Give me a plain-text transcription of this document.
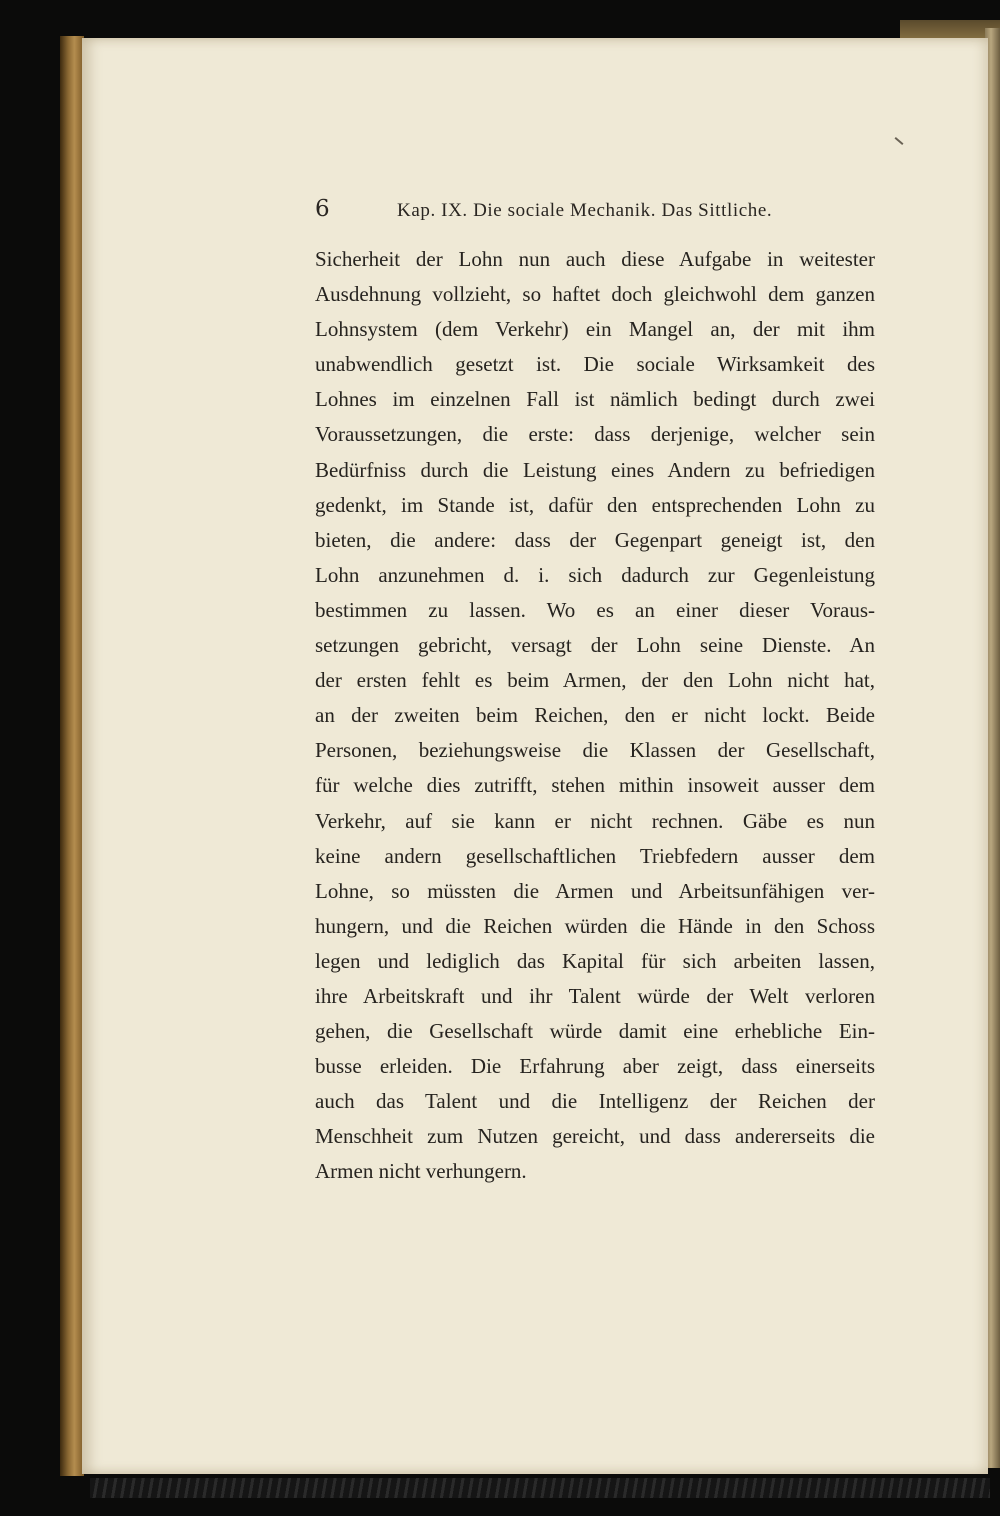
6	Kap. IX. Die sociale Mechanik. Das Sittliche.
Sicherheit der Lohn nun auch diese Aufgabe in weitester
Ausdehnung vollzieht, so haftet doch gleichwohl dem ganzen
Lohnsystem (dem Verkehr) ein Mangel an, der mit ihm
unabwendlich gesetzt ist. Die sociale Wirksamkeit des
Lohnes im einzelnen Fall ist nämlich bedingt durch zwei
Voraussetzungen, die erste: dass derjenige, welcher sein
Bedürfniss durch die Leistung eines Andern zu befriedigen
gedenkt, im Stande ist, dafür den entsprechenden Lohn zu
bieten, die andere: dass der Gegenpart geneigt ist, den
Lohn anzunehmen d. i. sich dadurch zur Gegenleistung
bestimmen zu lassen. Wo es an einer dieser Voraus-
setzungen gebricht, versagt der Lohn seine Dienste. An
der ersten fehlt es beim Armen, der den Lohn nicht hat,
an der zweiten beim Reichen, den er nicht lockt. Beide
Personen, beziehungsweise die Klassen der Gesellschaft,
für welche dies zutrifft, stehen mithin insoweit ausser dem
Verkehr, auf sie kann er nicht rechnen. Gäbe es nun
keine andern gesellschaftlichen Triebfedern ausser dem
Lohne, so müssten die Armen und Arbeitsunfähigen ver-
hungern, und die Reichen würden die Hände in den Schoss
legen und lediglich das Kapital für sich arbeiten lassen,
ihre Arbeitskraft und ihr Talent würde der Welt verloren
gehen, die Gesellschaft würde damit eine erhebliche Ein-
busse erleiden. Die Erfahrung aber zeigt, dass einerseits
auch das Talent und die Intelligenz der Reichen der
Menschheit zum Nutzen gereicht, und dass andererseits die
Armen nicht verhungern.
